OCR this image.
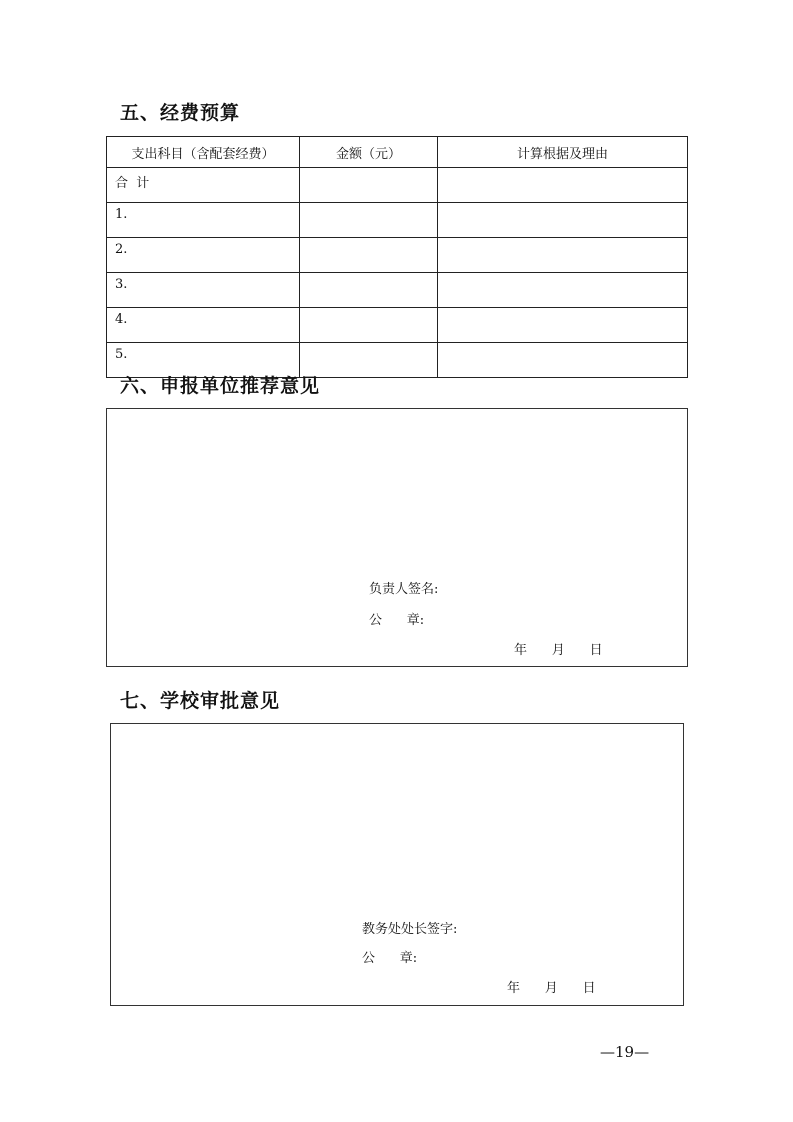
五、经费预算
支出科目（含配套经费）	金额（元）	计算根据及理由
合  计		
1.		
2.		
3.		
4.		
5.		
六、申报单位推荐意见
负责人签名:
公      章:
年      月      日
七、学校审批意见
教务处处长签字:
公      章:
年      月      日
—19—
